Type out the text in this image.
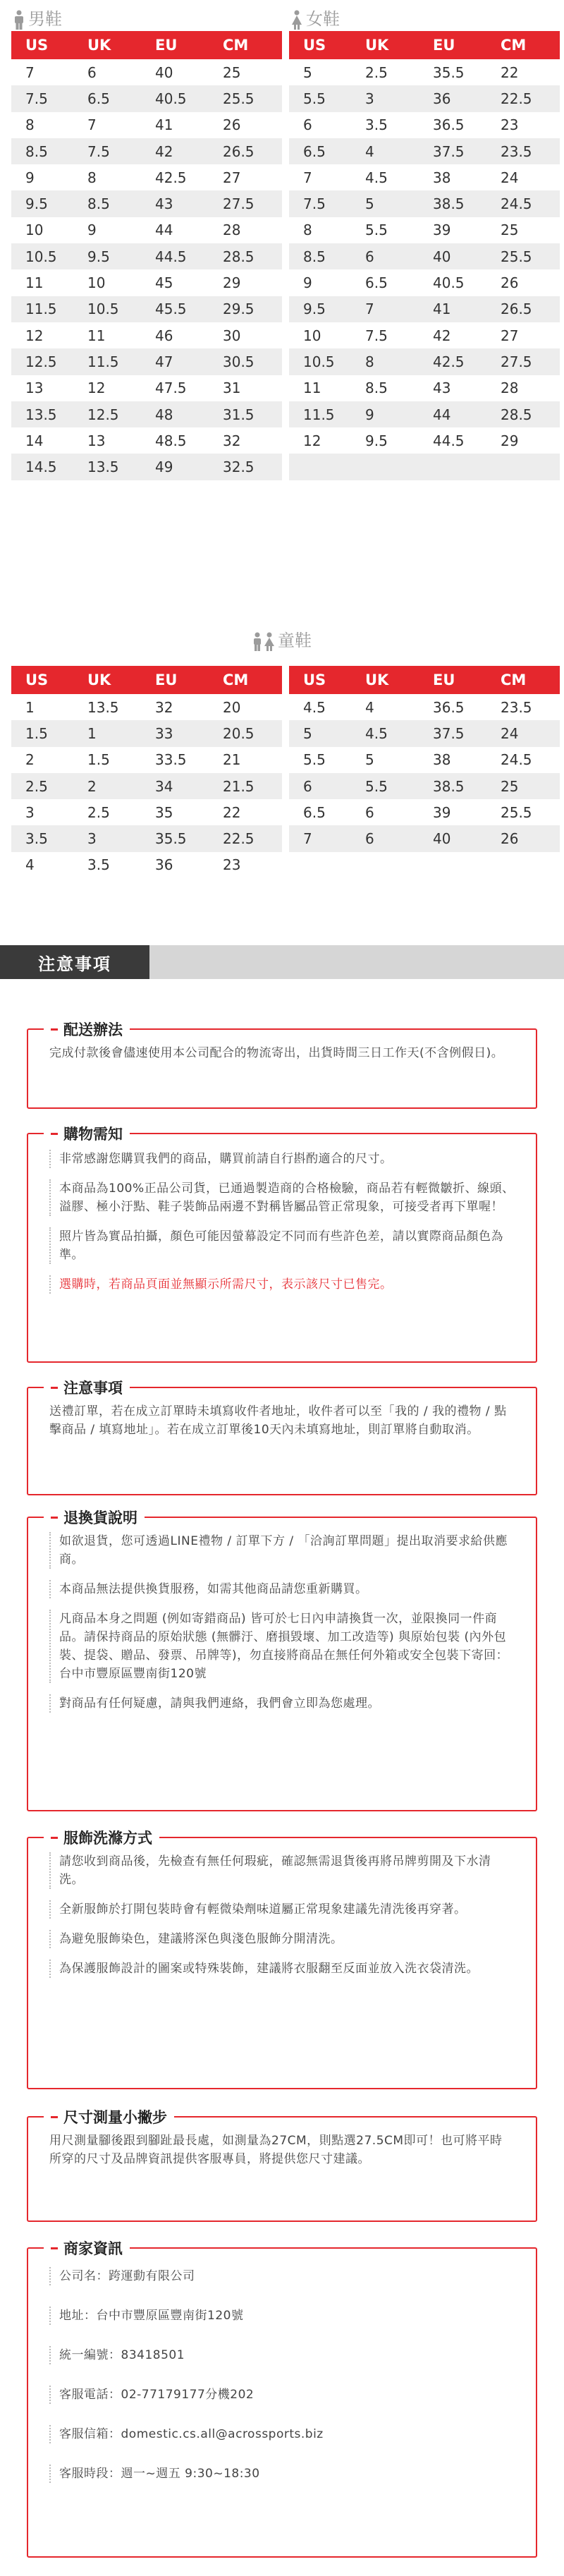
男鞋
US	UK	EU	CM
7	6	40	25
7.5	6.5	40.5	25.5
8	7	41	26
8.5	7.5	42	26.5
9	8	42.5	27
9.5	8.5	43	27.5
10	9	44	28
10.5	9.5	44.5	28.5
11	10	45	29
11.5	10.5	45.5	29.5
12	11	46	30
12.5	11.5	47	30.5
13	12	47.5	31
13.5	12.5	48	31.5
14	13	48.5	32
14.5	13.5	49	32.5
女鞋
US	UK	EU	CM
5	2.5	35.5	22
5.5	3	36	22.5
6	3.5	36.5	23
6.5	4	37.5	23.5
7	4.5	38	24
7.5	5	38.5	24.5
8	5.5	39	25
8.5	6	40	25.5
9	6.5	40.5	26
9.5	7	41	26.5
10	7.5	42	27
10.5	8	42.5	27.5
11	8.5	43	28
11.5	9	44	28.5
12	9.5	44.5	29
童鞋
US	UK	EU	CM
1	13.5	32	20
1.5	1	33	20.5
2	1.5	33.5	21
2.5	2	34	21.5
3	2.5	35	22
3.5	3	35.5	22.5
4	3.5	36	23
US	UK	EU	CM
4.5	4	36.5	23.5
5	4.5	37.5	24
5.5	5	38	24.5
6	5.5	38.5	25
6.5	6	39	25.5
7	6	40	26
注意事項
配送辦法
完成付款後會儘速使用本公司配合的物流寄出，出貨時間三日工作天(不含例假日)。
購物需知
非常感謝您購買我們的商品，購買前請自行斟酌適合的尺寸。
本商品為100%正品公司貨，已通過製造商的合格檢驗，商品若有輕微皺折、線頭、溢膠、極小汙點、鞋子裝飾品兩邊不對稱皆屬品管正常現象，可接受者再下單喔！
照片皆為實品拍攝，顏色可能因螢幕設定不同而有些許色差，請以實際商品顏色為準。
選購時，若商品頁面並無顯示所需尺寸，表示該尺寸已售完。
注意事項
送禮訂單，若在成立訂單時未填寫收件者地址，收件者可以至「我的 / 我的禮物 / 點擊商品 / 填寫地址」。若在成立訂單後10天內未填寫地址，則訂單將自動取消。
退換貨說明
如欲退貨，您可透過LINE禮物 / 訂單下方 / 「洽詢訂單問題」提出取消要求給供應商。
本商品無法提供換貨服務，如需其他商品請您重新購買。
凡商品本身之問題 (例如寄錯商品) 皆可於七日內申請換貨一次，並限換同一件商品。請保持商品的原始狀態 (無髒汙、磨損毀壞、加工改造等) 與原始包裝 (內外包裝、提袋、贈品、發票、吊牌等)，勿直接將商品在無任何外箱或安全包裝下寄回：台中市豐原區豐南街120號
對商品有任何疑慮，請與我們連絡，我們會立即為您處理。
服飾洗滌方式
請您收到商品後，先檢查有無任何瑕疵，確認無需退貨後再將吊牌剪開及下水清洗。
全新服飾於打開包裝時會有輕微染劑味道屬正常現象建議先清洗後再穿著。
為避免服飾染色，建議將深色與淺色服飾分開清洗。
為保護服飾設計的圖案或特殊裝飾，建議將衣服翻至反面並放入洗衣袋清洗。
尺寸測量小撇步
用尺測量腳後跟到腳趾最長處，如測量為27CM，則點選27.5CM即可！也可將平時所穿的尺寸及品牌資訊提供客服專員，將提供您尺寸建議。
商家資訊
公司名：跨運動有限公司
地址：台中市豐原區豐南街120號
統一編號：83418501
客服電話：02-77179177分機202
客服信箱：domestic.cs.all@acrossports.biz
客服時段：週一~週五 9:30~18:30
